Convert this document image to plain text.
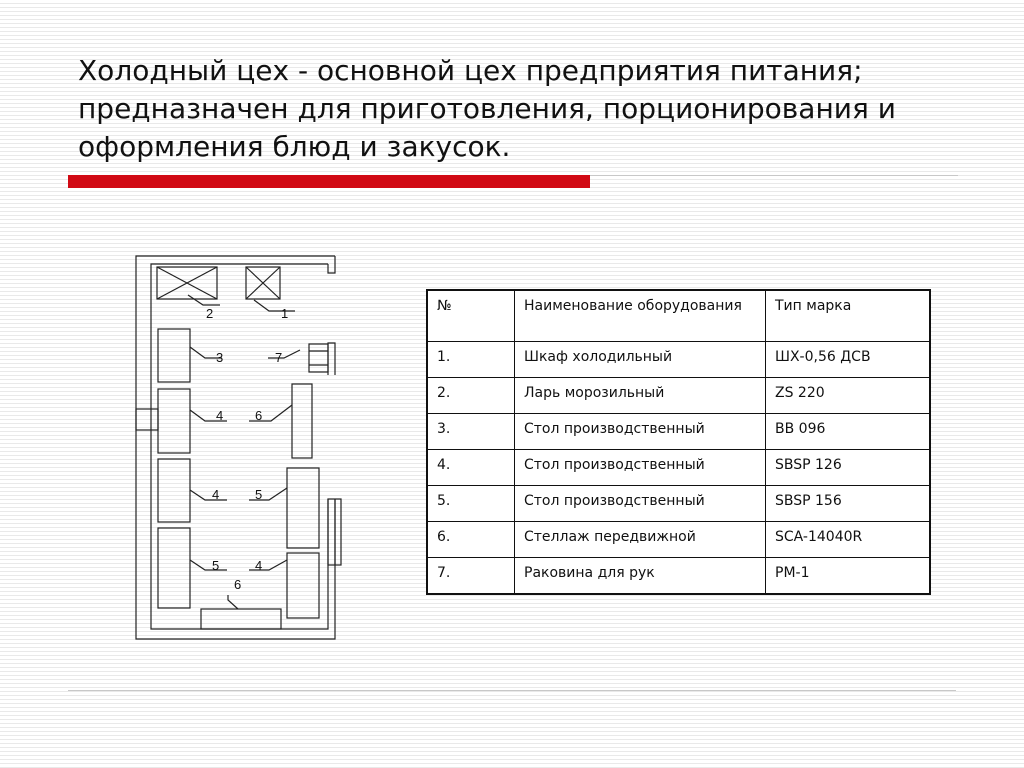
Холодный цех - основной цех предприятия питания; предназначен для приготовления, порционирования и оформления блюд и закусок.

2	1
3	7
4 6
4	5
5	4
6
№	Наименование оборудования	Тип марка
1.	Шкаф холодильный	ШХ-0,56 ДСВ
2.	Ларь морозильный	ZS 220
3.	Стол производственный	ВВ 096
4.	Стол производственный	SBSP 126
5.	Стол производственный	SBSP 156
6.	Стеллаж передвижной	SCA-14040R
7.	Раковина для рук	РМ-1
